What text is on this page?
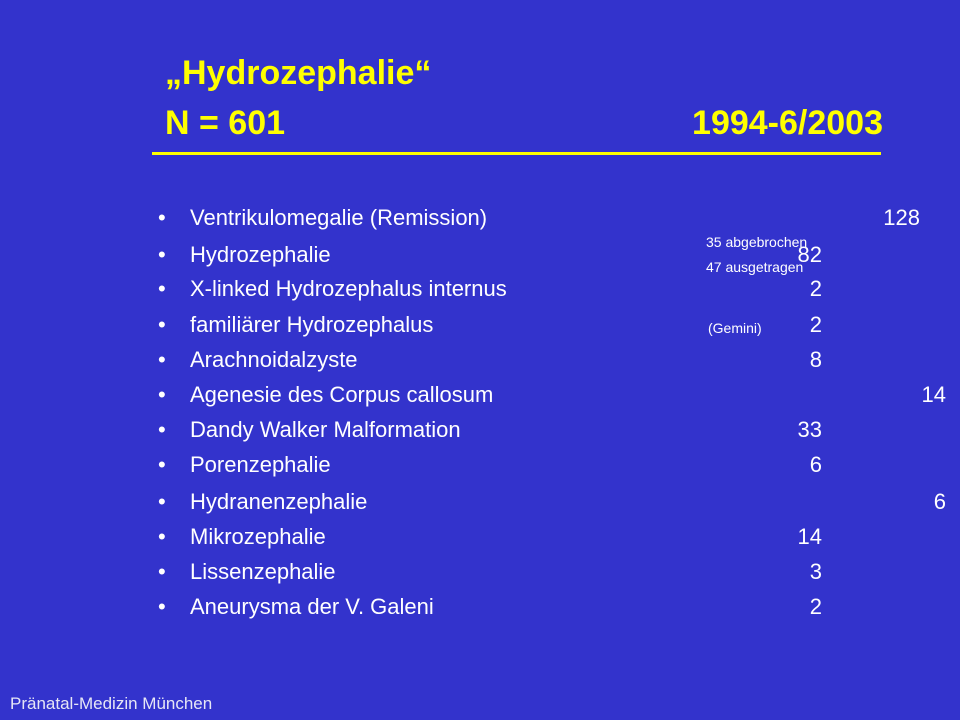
„Hydrozephalie“
N = 601	1994-6/2003
• Ventrikulomegalie (Remission)	128
• Hydrozephalie	82
• X-linked Hydrozephalus internus	2
• familiärer Hydrozephalus	2
• Arachnoidalzyste	8
• Agenesie des Corpus callosum	14
• Dandy Walker Malformation	33
• Porenzephalie	6
• Hydranenzephalie	6
• Mikrozephalie	14
• Lissenzephalie	3
• Aneurysma der V. Galeni	2
35 abgebrochen
47 ausgetragen
(Gemini)
Pränatal-Medizin München
